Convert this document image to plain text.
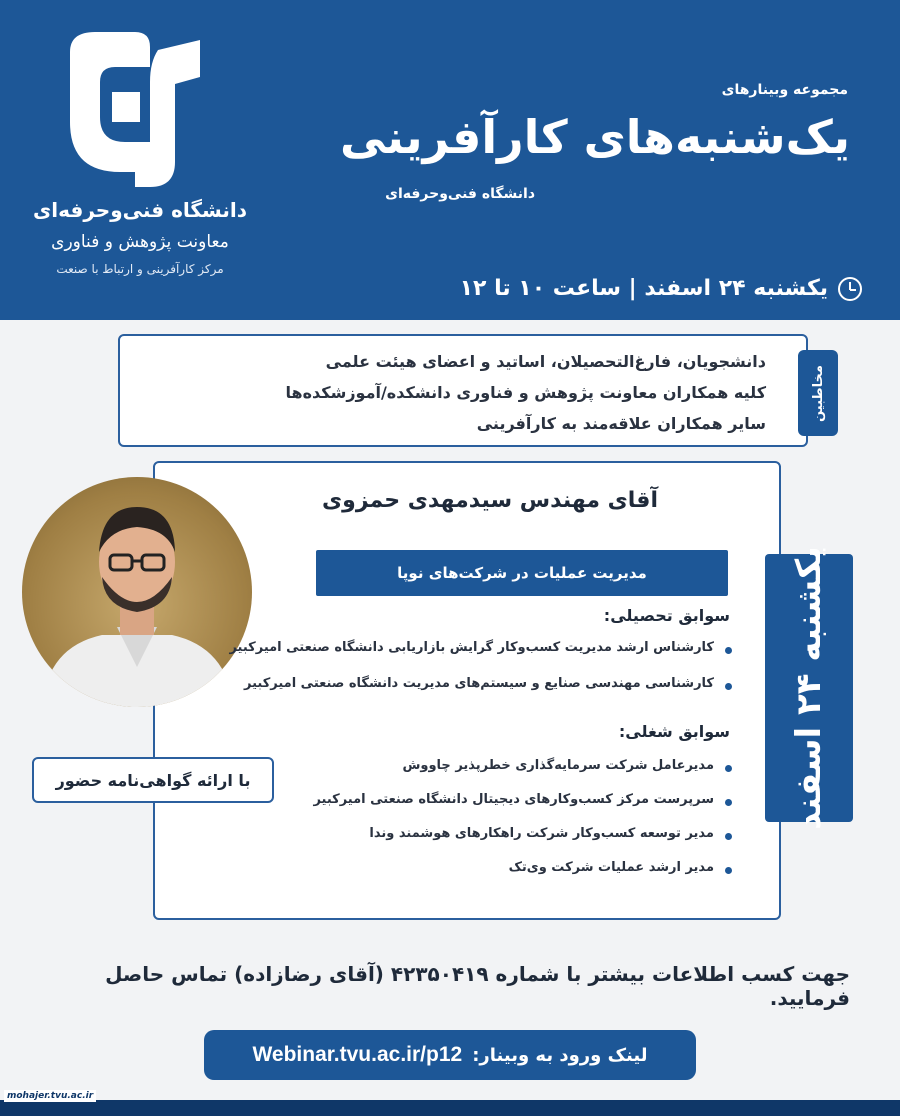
دانشگاه فنی‌وحرفه‌ای
معاونت پژوهش و فناوری
مرکز کارآفرینی و ارتباط با صنعت
مجموعه وبینارهای
یک‌شنبه‌های کارآفرینی
دانشگاه فنی‌وحرفه‌ای
یکشنبه ۲۴ اسفند | ساعت ۱۰ تا ۱۲
دانشجویان، فارغ‌التحصیلان، اساتید و اعضای هیئت علمی
کلیه همکاران معاونت پژوهش و فناوری دانشکده/آموزشکده‌ها
سایر همکاران علاقه‌مند به کارآفرینی
مخاطبین
آقای مهندس سیدمهدی حمزوی
مدیریت عملیات در شرکت‌های نوپا
سوابق تحصیلی:
کارشناس ارشد مدیریت کسب‌وکار گرایش بازاریابی دانشگاه صنعتی امیرکبیر
کارشناسی مهندسی صنایع و سیستم‌های مدیریت دانشگاه صنعتی امیرکبیر
سوابق شغلی:
مدیرعامل شرکت سرمایه‌گذاری خطرپذیر چاووش
سرپرست مرکز کسب‌وکارهای دیجیتال دانشگاه صنعتی امیرکبیر
مدیر توسعه کسب‌وکار شرکت راهکارهای هوشمند وندا
مدیر ارشد عملیات شرکت وی‌تک
یکشنبه ۲۴ اسفند
با ارائه گواهی‌نامه حضور
جهت کسب اطلاعات بیشتر با شماره ۴۲۳۵۰۴۱۹ (آقای رضازاده) تماس حاصل فرمایید.
Webinar.tvu.ac.ir/p12 لینک ورود به وبینار:
mohajer.tvu.ac.ir
